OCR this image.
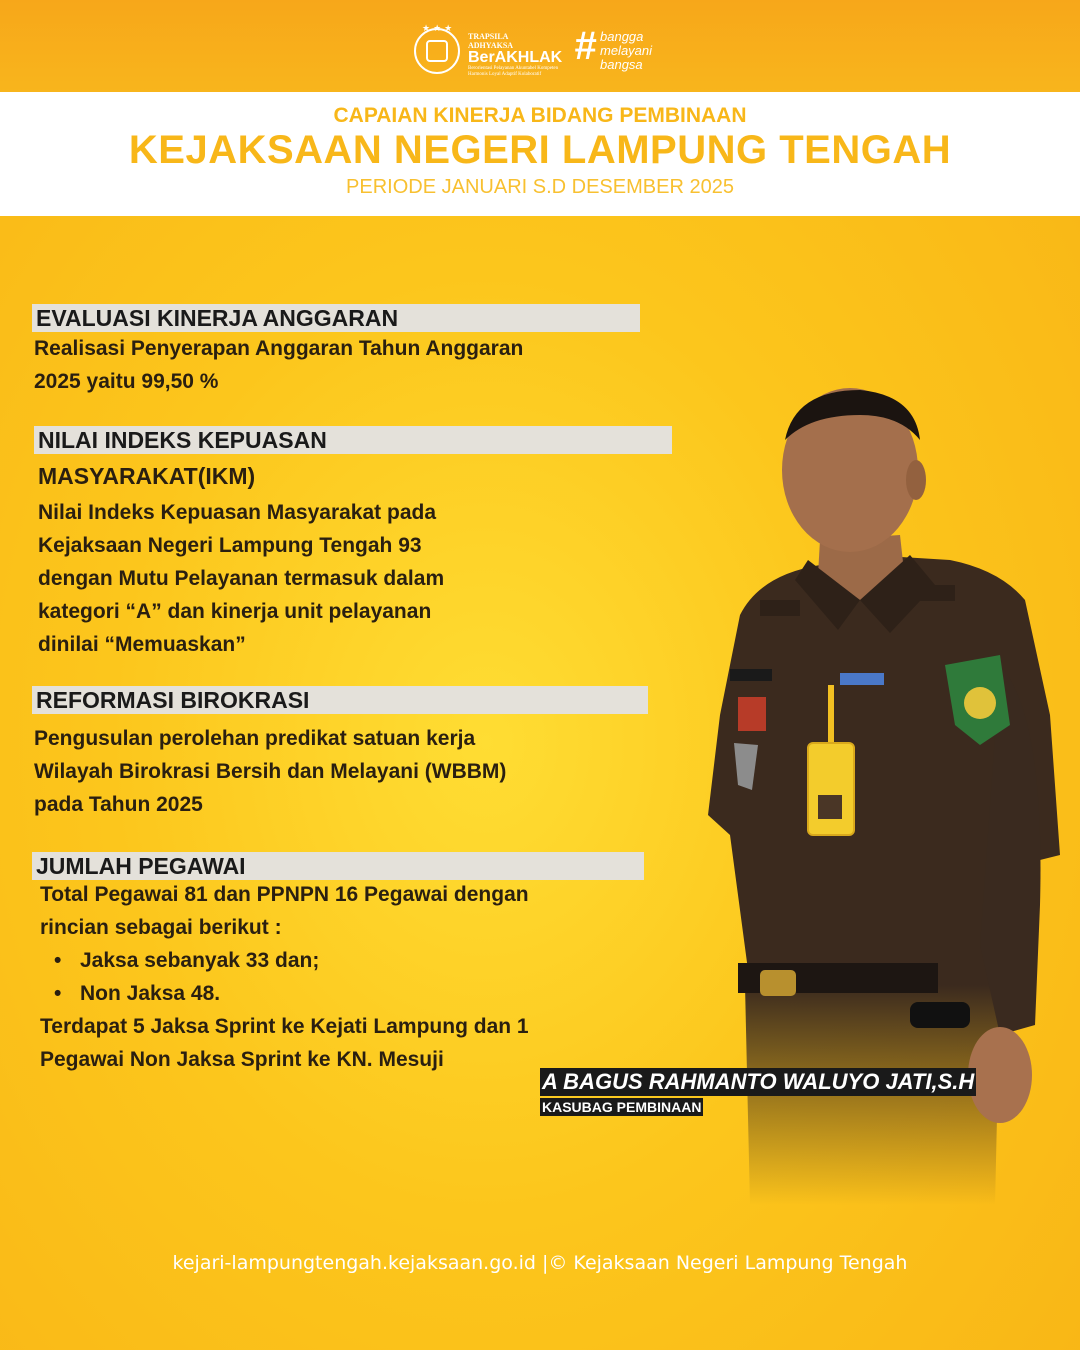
★★★
TRAPSILA
ADHYAKSA
BerAKHLAK
Berorientasi Pelayanan Akuntabel Kompeten Harmonis Loyal Adaptif Kolaboratif
# bangga
melayani
bangsa
CAPAIAN KINERJA BIDANG PEMBINAAN
KEJAKSAAN NEGERI LAMPUNG TENGAH
PERIODE JANUARI S.D DESEMBER 2025
EVALUASI KINERJA ANGGARAN
Realisasi Penyerapan Anggaran Tahun Anggaran
2025 yaitu 99,50 %
NILAI INDEKS KEPUASAN
MASYARAKAT(IKM)
Nilai Indeks Kepuasan Masyarakat pada
Kejaksaan Negeri Lampung Tengah 93
dengan Mutu Pelayanan termasuk dalam
kategori “A” dan kinerja unit pelayanan
dinilai “Memuaskan”
REFORMASI BIROKRASI
Pengusulan perolehan predikat satuan kerja
Wilayah Birokrasi Bersih dan Melayani (WBBM)
pada Tahun 2025
JUMLAH PEGAWAI
Total Pegawai 81 dan PPNPN 16 Pegawai dengan
rincian sebagai berikut :
• Jaksa sebanyak 33 dan;
• Non Jaksa 48.
Terdapat 5 Jaksa Sprint ke Kejati Lampung dan 1
Pegawai Non Jaksa Sprint ke KN. Mesuji
A BAGUS RAHMANTO WALUYO JATI,S.H
KASUBAG PEMBINAAN
kejari-lampungtengah.kejaksaan.go.id |© Kejaksaan Negeri Lampung Tengah
